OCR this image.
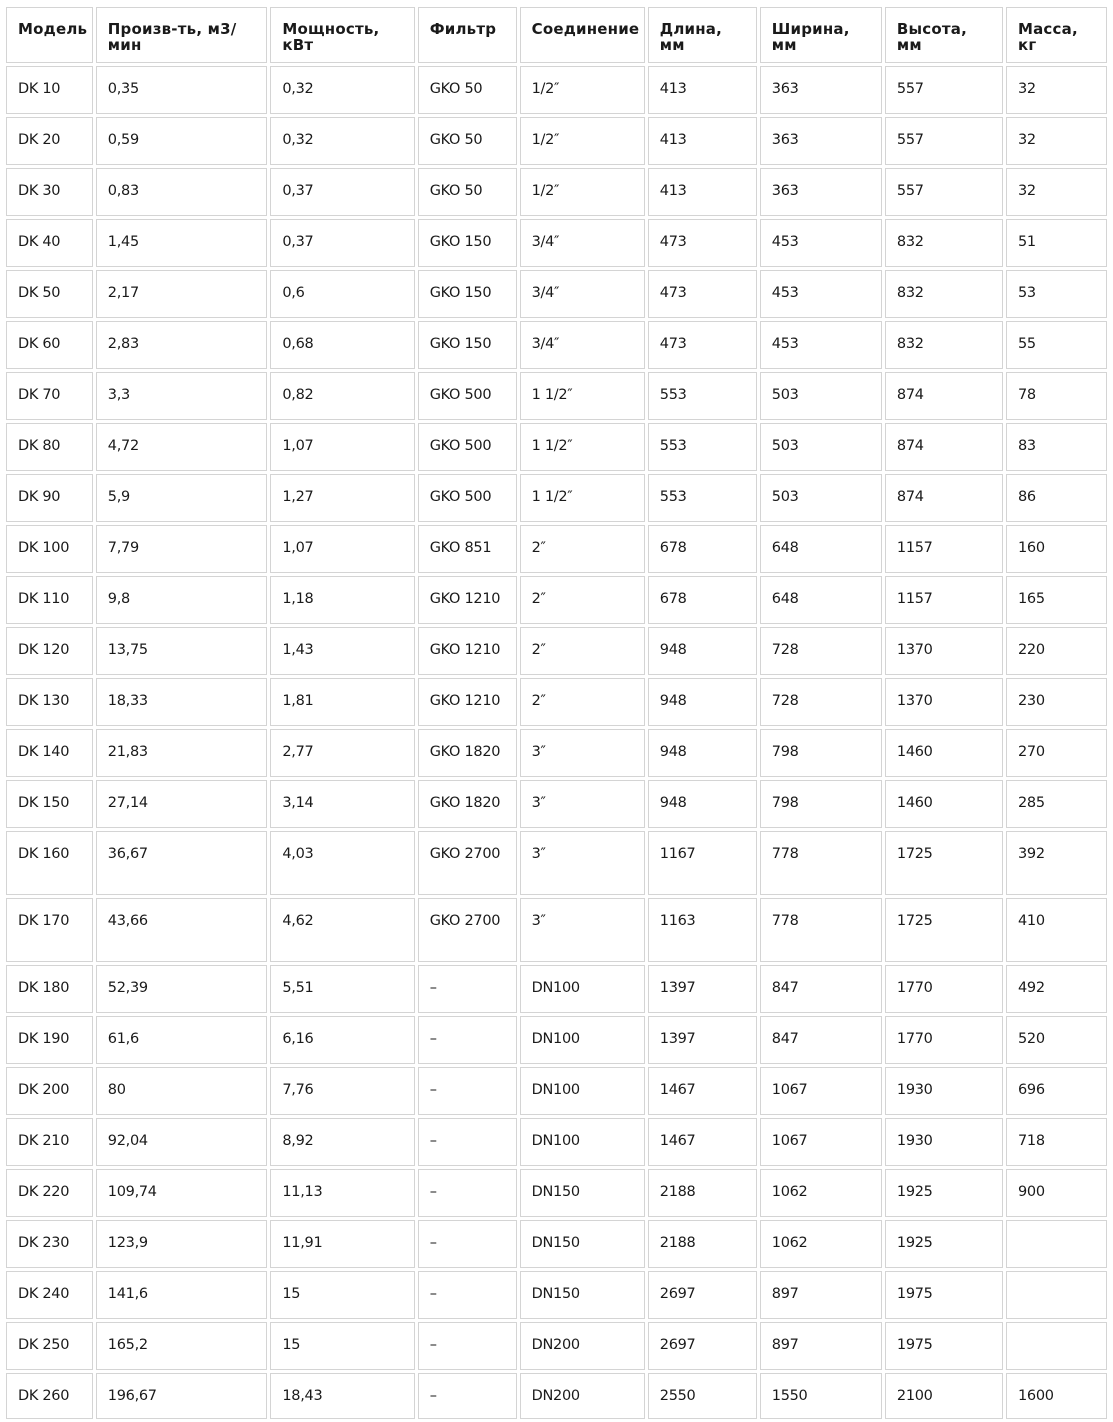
Модель	Произв-ть, м3/мин	Мощность, кВт	Фильтр	Соединение	Длина, мм	Ширина, мм	Высота, мм	Масса, кг
DK 10	0,35	0,32	GKO 50	1/2″	413	363	557	32
DK 20	0,59	0,32	GKO 50	1/2″	413	363	557	32
DK 30	0,83	0,37	GKO 50	1/2″	413	363	557	32
DK 40	1,45	0,37	GKO 150	3/4″	473	453	832	51
DK 50	2,17	0,6	GKO 150	3/4″	473	453	832	53
DK 60	2,83	0,68	GKO 150	3/4″	473	453	832	55
DK 70	3,3	0,82	GKO 500	1 1/2″	553	503	874	78
DK 80	4,72	1,07	GKO 500	1 1/2″	553	503	874	83
DK 90	5,9	1,27	GKO 500	1 1/2″	553	503	874	86
DK 100	7,79	1,07	GKO 851	2″	678	648	1157	160
DK 110	9,8	1,18	GKO 1210	2″	678	648	1157	165
DK 120	13,75	1,43	GKO 1210	2″	948	728	1370	220
DK 130	18,33	1,81	GKO 1210	2″	948	728	1370	230
DK 140	21,83	2,77	GKO 1820	3″	948	798	1460	270
DK 150	27,14	3,14	GKO 1820	3″	948	798	1460	285
DK 160	36,67	4,03	GKO 2700	3″	1167	778	1725	392
DK 170	43,66	4,62	GKO 2700	3″	1163	778	1725	410
DK 180	52,39	5,51	–	DN100	1397	847	1770	492
DK 190	61,6	6,16	–	DN100	1397	847	1770	520
DK 200	80	7,76	–	DN100	1467	1067	1930	696
DK 210	92,04	8,92	–	DN100	1467	1067	1930	718
DK 220	109,74	11,13	–	DN150	2188	1062	1925	900
DK 230	123,9	11,91	–	DN150	2188	1062	1925	
DK 240	141,6	15	–	DN150	2697	897	1975	
DK 250	165,2	15	–	DN200	2697	897	1975	
DK 260	196,67	18,43	–	DN200	2550	1550	2100	1600
